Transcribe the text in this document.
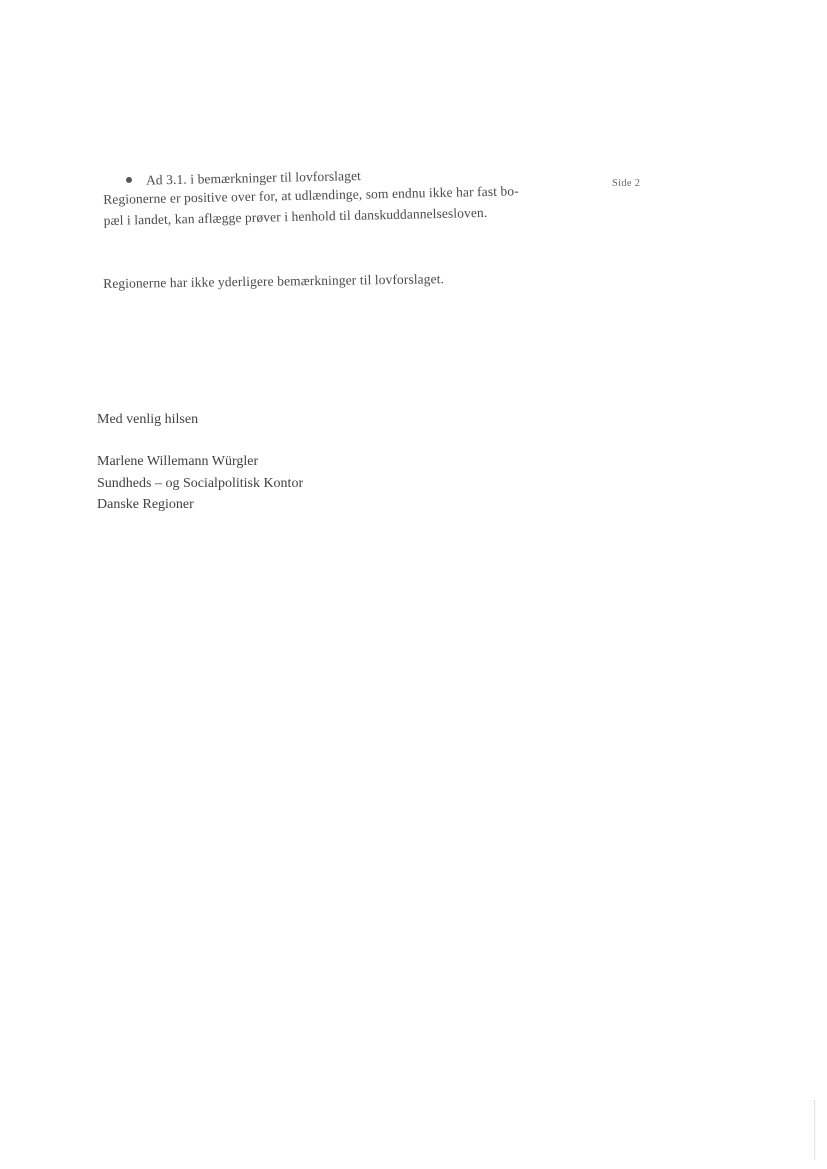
Side 2
Ad 3.1. i bemærkninger til lovforslaget
Regionerne er positive over for, at udlændinge, som endnu ikke har fast bo-
pæl i landet, kan aflægge prøver i henhold til danskuddannelsesloven.
Regionerne har ikke yderligere bemærkninger til lovforslaget.
Med venlig hilsen
Marlene Willemann Würgler
Sundheds – og Socialpolitisk Kontor
Danske Regioner
